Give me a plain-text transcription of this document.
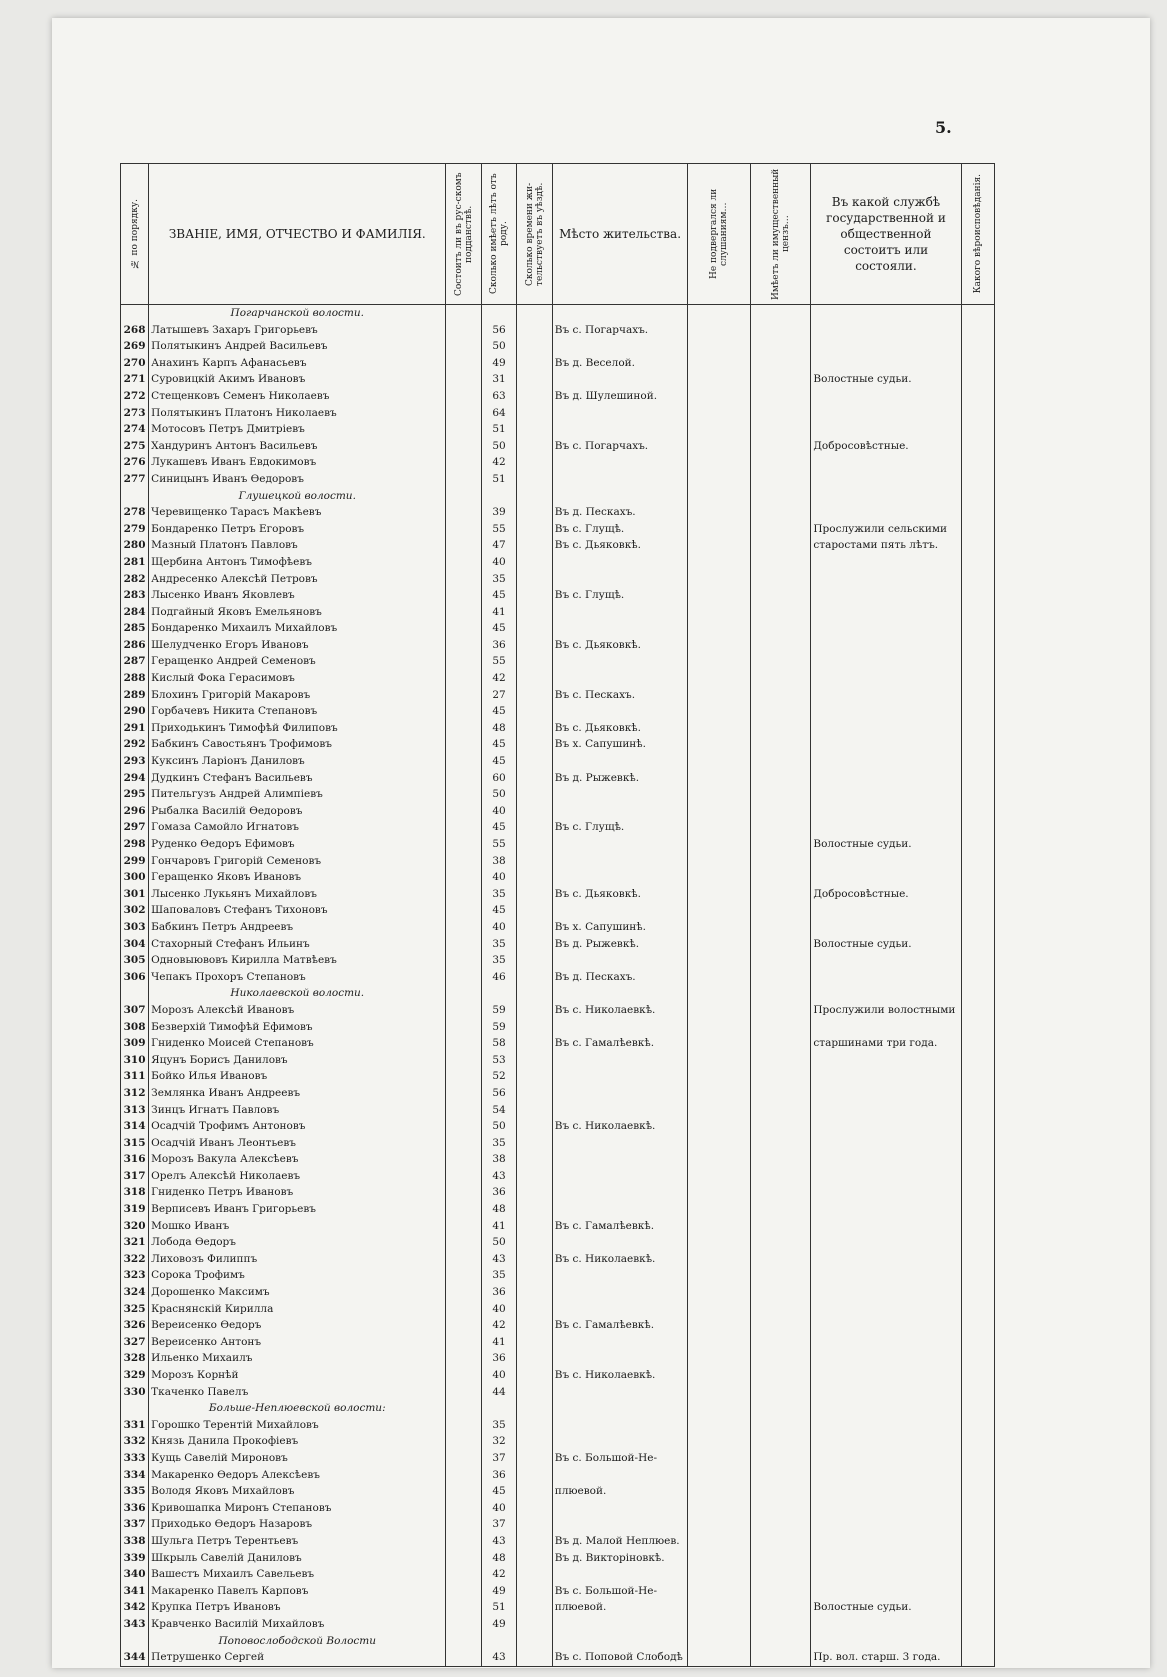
5.
№ по порядку.	ЗВАНІЕ, ИМЯ, ОТЧЕСТВО И ФАМИЛІЯ.	Состоитъ ли въ рус-скомъ подданствѣ.	Сколько имѣетъ лѣтъ отъ роду.	Сколько времени жи-тельствуетъ въ уѣздѣ.	Мѣсто жительства.	Не подвергался ли слушаниям…	Имѣетъ ли имущественный цензъ…	Въ какой службѣ государственной и общественной состоитъ или состояли.	Какого вѣроисповѣданія.

	Погарчанской волости.								
268	Латышевъ Захаръ Григорьевъ		56		Въ с. Погарчахъ.				
269	Полятыкинъ Андрей Васильевъ		50						
270	Анахинъ Карпъ Афанасьевъ		49		Въ д. Веселой.				
271	Суровицкій Акимъ Ивановъ		31					Волостные судьи.	
272	Стещенковъ Семенъ Николаевъ		63		Въ д. Шулешиной.				
273	Полятыкинъ Платонъ Николаевъ		64						
274	Мотосовъ Петръ Дмитріевъ		51						
275	Хандуринъ Антонъ Васильевъ		50		Въ с. Погарчахъ.			Добросовѣстные.	
276	Лукашевъ Иванъ Евдокимовъ		42						
277	Синицынъ Иванъ Ѳедоровъ		51						
	Глушецкой волости.								
278	Черевищенко Тарасъ Макѣевъ		39		Въ д. Пескахъ.				
279	Бондаренко Петръ Егоровъ		55		Въ с. Глущѣ.			Прослужили сельскими	
280	Мазный Платонъ Павловъ		47		Въ с. Дьяковкѣ.			старостами пять лѣтъ.	
281	Щербина Антонъ Тимофѣевъ		40						
282	Андресенко Алексѣй Петровъ		35						
283	Лысенко Иванъ Яковлевъ		45		Въ с. Глущѣ.				
284	Подгайный Яковъ Емельяновъ		41						
285	Бондаренко Михаилъ Михайловъ		45						
286	Шелудченко Егоръ Ивановъ		36		Въ с. Дьяковкѣ.				
287	Геращенко Андрей Семеновъ		55						
288	Кислый Фока Герасимовъ		42						
289	Блохинъ Григорій Макаровъ		27		Въ с. Пескахъ.				
290	Горбачевъ Никита Степановъ		45						
291	Приходькинъ Тимофѣй Филиповъ		48		Въ с. Дьяковкѣ.				
292	Бабкинъ Савостьянъ Трофимовъ		45		Въ х. Сапушинѣ.				
293	Куксинъ Ларіонъ Даниловъ		45						
294	Дудкинъ Стефанъ Васильевъ		60		Въ д. Рыжевкѣ.				
295	Пительгузъ Андрей Алимпіевъ		50						
296	Рыбалка Василій Ѳедоровъ		40						
297	Гомаза Самойло Игнатовъ		45		Въ с. Глущѣ.				
298	Руденко Ѳедоръ Ефимовъ		55					Волостные судьи.	
299	Гончаровъ Григорій Семеновъ		38						
300	Геращенко Яковъ Ивановъ		40						
301	Лысенко Лукьянъ Михайловъ		35		Въ с. Дьяковкѣ.			Добросовѣстные.	
302	Шаповаловъ Стефанъ Тихоновъ		45						
303	Бабкинъ Петръ Андреевъ		40		Въ х. Сапушинѣ.				
304	Стахорный Стефанъ Ильинъ		35		Въ д. Рыжевкѣ.			Волостные судьи.	
305	Одновыювовъ Кирилла Матвѣевъ		35						
306	Чепакъ Прохоръ Степановъ		46		Въ д. Пескахъ.				
	Николаевской волости.								
307	Морозъ Алексѣй Ивановъ		59		Въ с. Николаевкѣ.			Прослужили волостными	
308	Безверхій Тимофѣй Ефимовъ		59						
309	Гниденко Моисей Степановъ		58		Въ с. Гамалѣевкѣ.			старшинами три года.	
310	Яцунъ Борисъ Даниловъ		53						
311	Бойко Илья Ивановъ		52						
312	Землянка Иванъ Андреевъ		56						
313	Зинцъ Игнатъ Павловъ		54						
314	Осадчій Трофимъ Антоновъ		50		Въ с. Николаевкѣ.				
315	Осадчій Иванъ Леонтьевъ		35						
316	Морозъ Вакула Алексѣевъ		38						
317	Орелъ Алексѣй Николаевъ		43						
318	Гниденко Петръ Ивановъ		36						
319	Верписевъ Иванъ Григорьевъ		48						
320	Мошко Иванъ		41		Въ с. Гамалѣевкѣ.				
321	Лобода Ѳедоръ		50						
322	Лиховозъ Филиппъ		43		Въ с. Николаевкѣ.				
323	Сорока Трофимъ		35						
324	Дорошенко Максимъ		36						
325	Краснянскій Кирилла		40						
326	Вереисенко Ѳедоръ		42		Въ с. Гамалѣевкѣ.				
327	Вереисенко Антонъ		41						
328	Ильенко Михаилъ		36						
329	Морозъ Корнѣй		40		Въ с. Николаевкѣ.				
330	Ткаченко Павелъ		44						
	Больше-Неплюевской волости:								
331	Горошко Терентій Михайловъ		35						
332	Князь Данила Прокофіевъ		32						
333	Кущь Савелій Мироновъ		37		Въ с. Большой-Не-				
334	Макаренко Ѳедоръ Алексѣевъ		36						
335	Володя Яковъ Михайловъ		45		плюевой.				
336	Кривошапка Миронъ Степановъ		40						
337	Приходько Ѳедоръ Назаровъ		37						
338	Шульга Петръ Терентьевъ		43		Въ д. Малой Неплюев.				
339	Шкрыль Савелій Даниловъ		48		Въ д. Викторіновкѣ.				
340	Вашестъ Михаилъ Савельевъ		42						
341	Макаренко Павелъ Карповъ		49		Въ с. Большой-Не-				
342	Крупка Петръ Ивановъ		51		плюевой.			Волостные судьи.	
343	Кравченко Василій Михайловъ		49						
	Поповослободской Волости								
344	Петрушенко Сергей		43		Въ с. Поповой Слободѣ			Пр. вол. старш. 3 года.	
